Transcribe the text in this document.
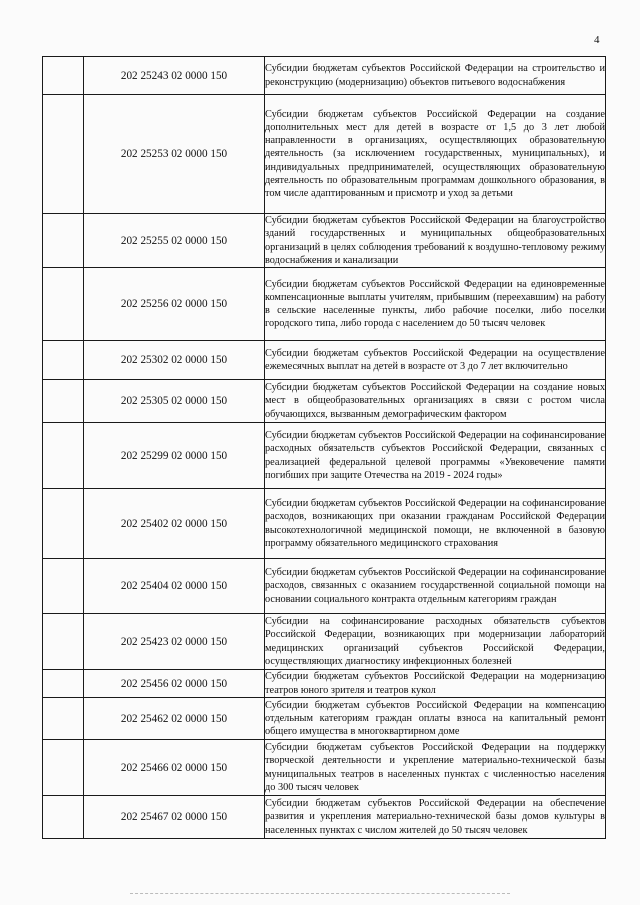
4
	202 25243 02 0000 150	Субсидии бюджетам субъектов Российской Федерации на строительство и реконструкцию (модернизацию) объектов питьевого водоснабжения
	202 25253 02 0000 150	Субсидии бюджетам субъектов Российской Федерации на создание дополнительных мест для детей в возрасте от 1,5 до 3 лет любой направленности в организациях, осуществляющих образовательную деятельность (за исключением государственных, муниципальных), и индивидуальных предпринимателей, осуществляющих образовательную деятельность по образовательным программам дошкольного образования, в том числе адаптированным и присмотр и уход за детьми
	202 25255 02 0000 150	Субсидии бюджетам субъектов Российской Федерации на благоустройство зданий государственных и муниципальных общеобразовательных организаций в целях соблюдения требований к воздушно-тепловому режиму водоснабжения и канализации
	202 25256 02 0000 150	Субсидии бюджетам субъектов Российской Федерации на единовременные компенсационные выплаты учителям, прибывшим (переехавшим) на работу в сельские населенные пункты, либо рабочие поселки, либо поселки городского типа, либо города с населением до 50 тысяч человек
	202 25302 02 0000 150	Субсидии бюджетам субъектов Российской Федерации на осуществление ежемесячных выплат на детей в возрасте от 3 до 7 лет включительно
	202 25305 02 0000 150	Субсидии бюджетам субъектов Российской Федерации на создание новых мест в общеобразовательных организациях в связи с ростом числа обучающихся, вызванным демографическим фактором
	202 25299 02 0000 150	Субсидии бюджетам субъектов Российской Федерации на софинансирование расходных обязательств субъектов Российской Федерации, связанных с реализацией федеральной целевой программы «Увековечение памяти погибших при защите Отечества на 2019 - 2024 годы»
	202 25402 02 0000 150	Субсидии бюджетам субъектов Российской Федерации на софинансирование расходов, возникающих при оказании гражданам Российской Федерации высокотехнологичной медицинской помощи, не включенной в базовую программу обязательного медицинского страхования
	202 25404 02 0000 150	Субсидии бюджетам субъектов Российской Федерации на софинансирование расходов, связанных с оказанием государственной социальной помощи на основании социального контракта отдельным категориям граждан
	202 25423 02 0000 150	Субсидии на софинансирование расходных обязательств субъектов Российской Федерации, возникающих при модернизации лабораторий медицинских организаций субъектов Российской Федерации, осуществляющих диагностику инфекционных болезней
	202 25456 02 0000 150	Субсидии бюджетам субъектов Российской Федерации на модернизацию театров юного зрителя и театров кукол
	202 25462 02 0000 150	Субсидии бюджетам субъектов Российской Федерации на компенсацию отдельным категориям граждан оплаты взноса на капитальный ремонт общего имущества в многоквартирном доме
	202 25466 02 0000 150	Субсидии бюджетам субъектов Российской Федерации на поддержку творческой деятельности и укрепление материально-технической базы муниципальных театров в населенных пунктах с численностью населения до 300 тысяч человек
	202 25467 02 0000 150	Субсидии бюджетам субъектов Российской Федерации на обеспечение развития и укрепления материально-технической базы домов культуры в населенных пунктах с числом жителей до 50 тысяч человек
